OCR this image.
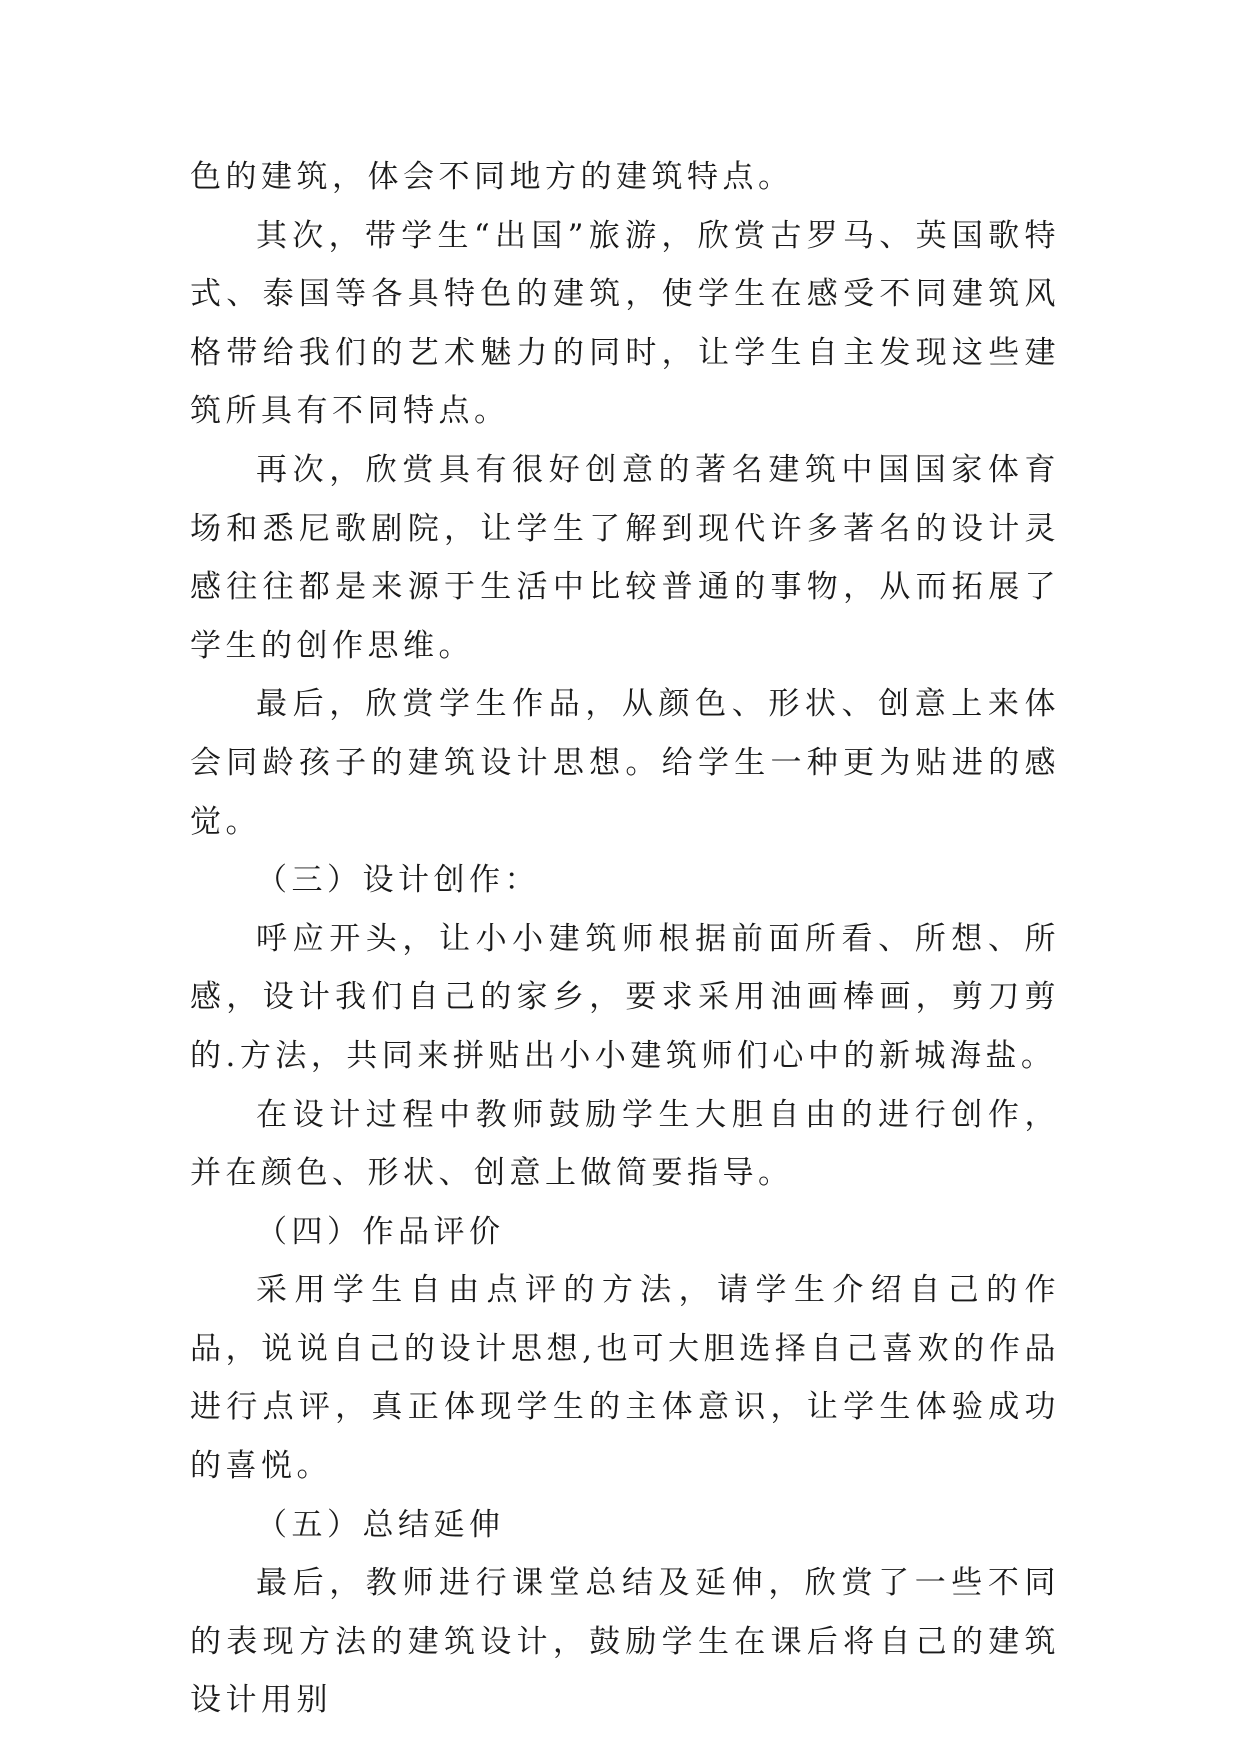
色的建筑，体会不同地方的建筑特点。

其次，带学生“出国”旅游，欣赏古罗马、英国歌特式、泰国等各具特色的建筑，使学生在感受不同建筑风格带给我们的艺术魅力的同时，让学生自主发现这些建筑所具有不同特点。

再次，欣赏具有很好创意的著名建筑中国国家体育场和悉尼歌剧院，让学生了解到现代许多著名的设计灵感往往都是来源于生活中比较普通的事物，从而拓展了学生的创作思维。

最后，欣赏学生作品，从颜色、形状、创意上来体会同龄孩子的建筑设计思想。给学生一种更为贴进的感觉。

（三）设计创作：

呼应开头，让小小建筑师根据前面所看、所想、所感，设计我们自己的家乡，要求采用油画棒画，剪刀剪的.方法，共同来拼贴出小小建筑师们心中的新城海盐。

在设计过程中教师鼓励学生大胆自由的进行创作，并在颜色、形状、创意上做简要指导。

（四）作品评价

采用学生自由点评的方法，请学生介绍自己的作品，说说自己的设计思想,也可大胆选择自己喜欢的作品进行点评，真正体现学生的主体意识，让学生体验成功的喜悦。

（五）总结延伸

最后，教师进行课堂总结及延伸，欣赏了一些不同的表现方法的建筑设计，鼓励学生在课后将自己的建筑设计用别
